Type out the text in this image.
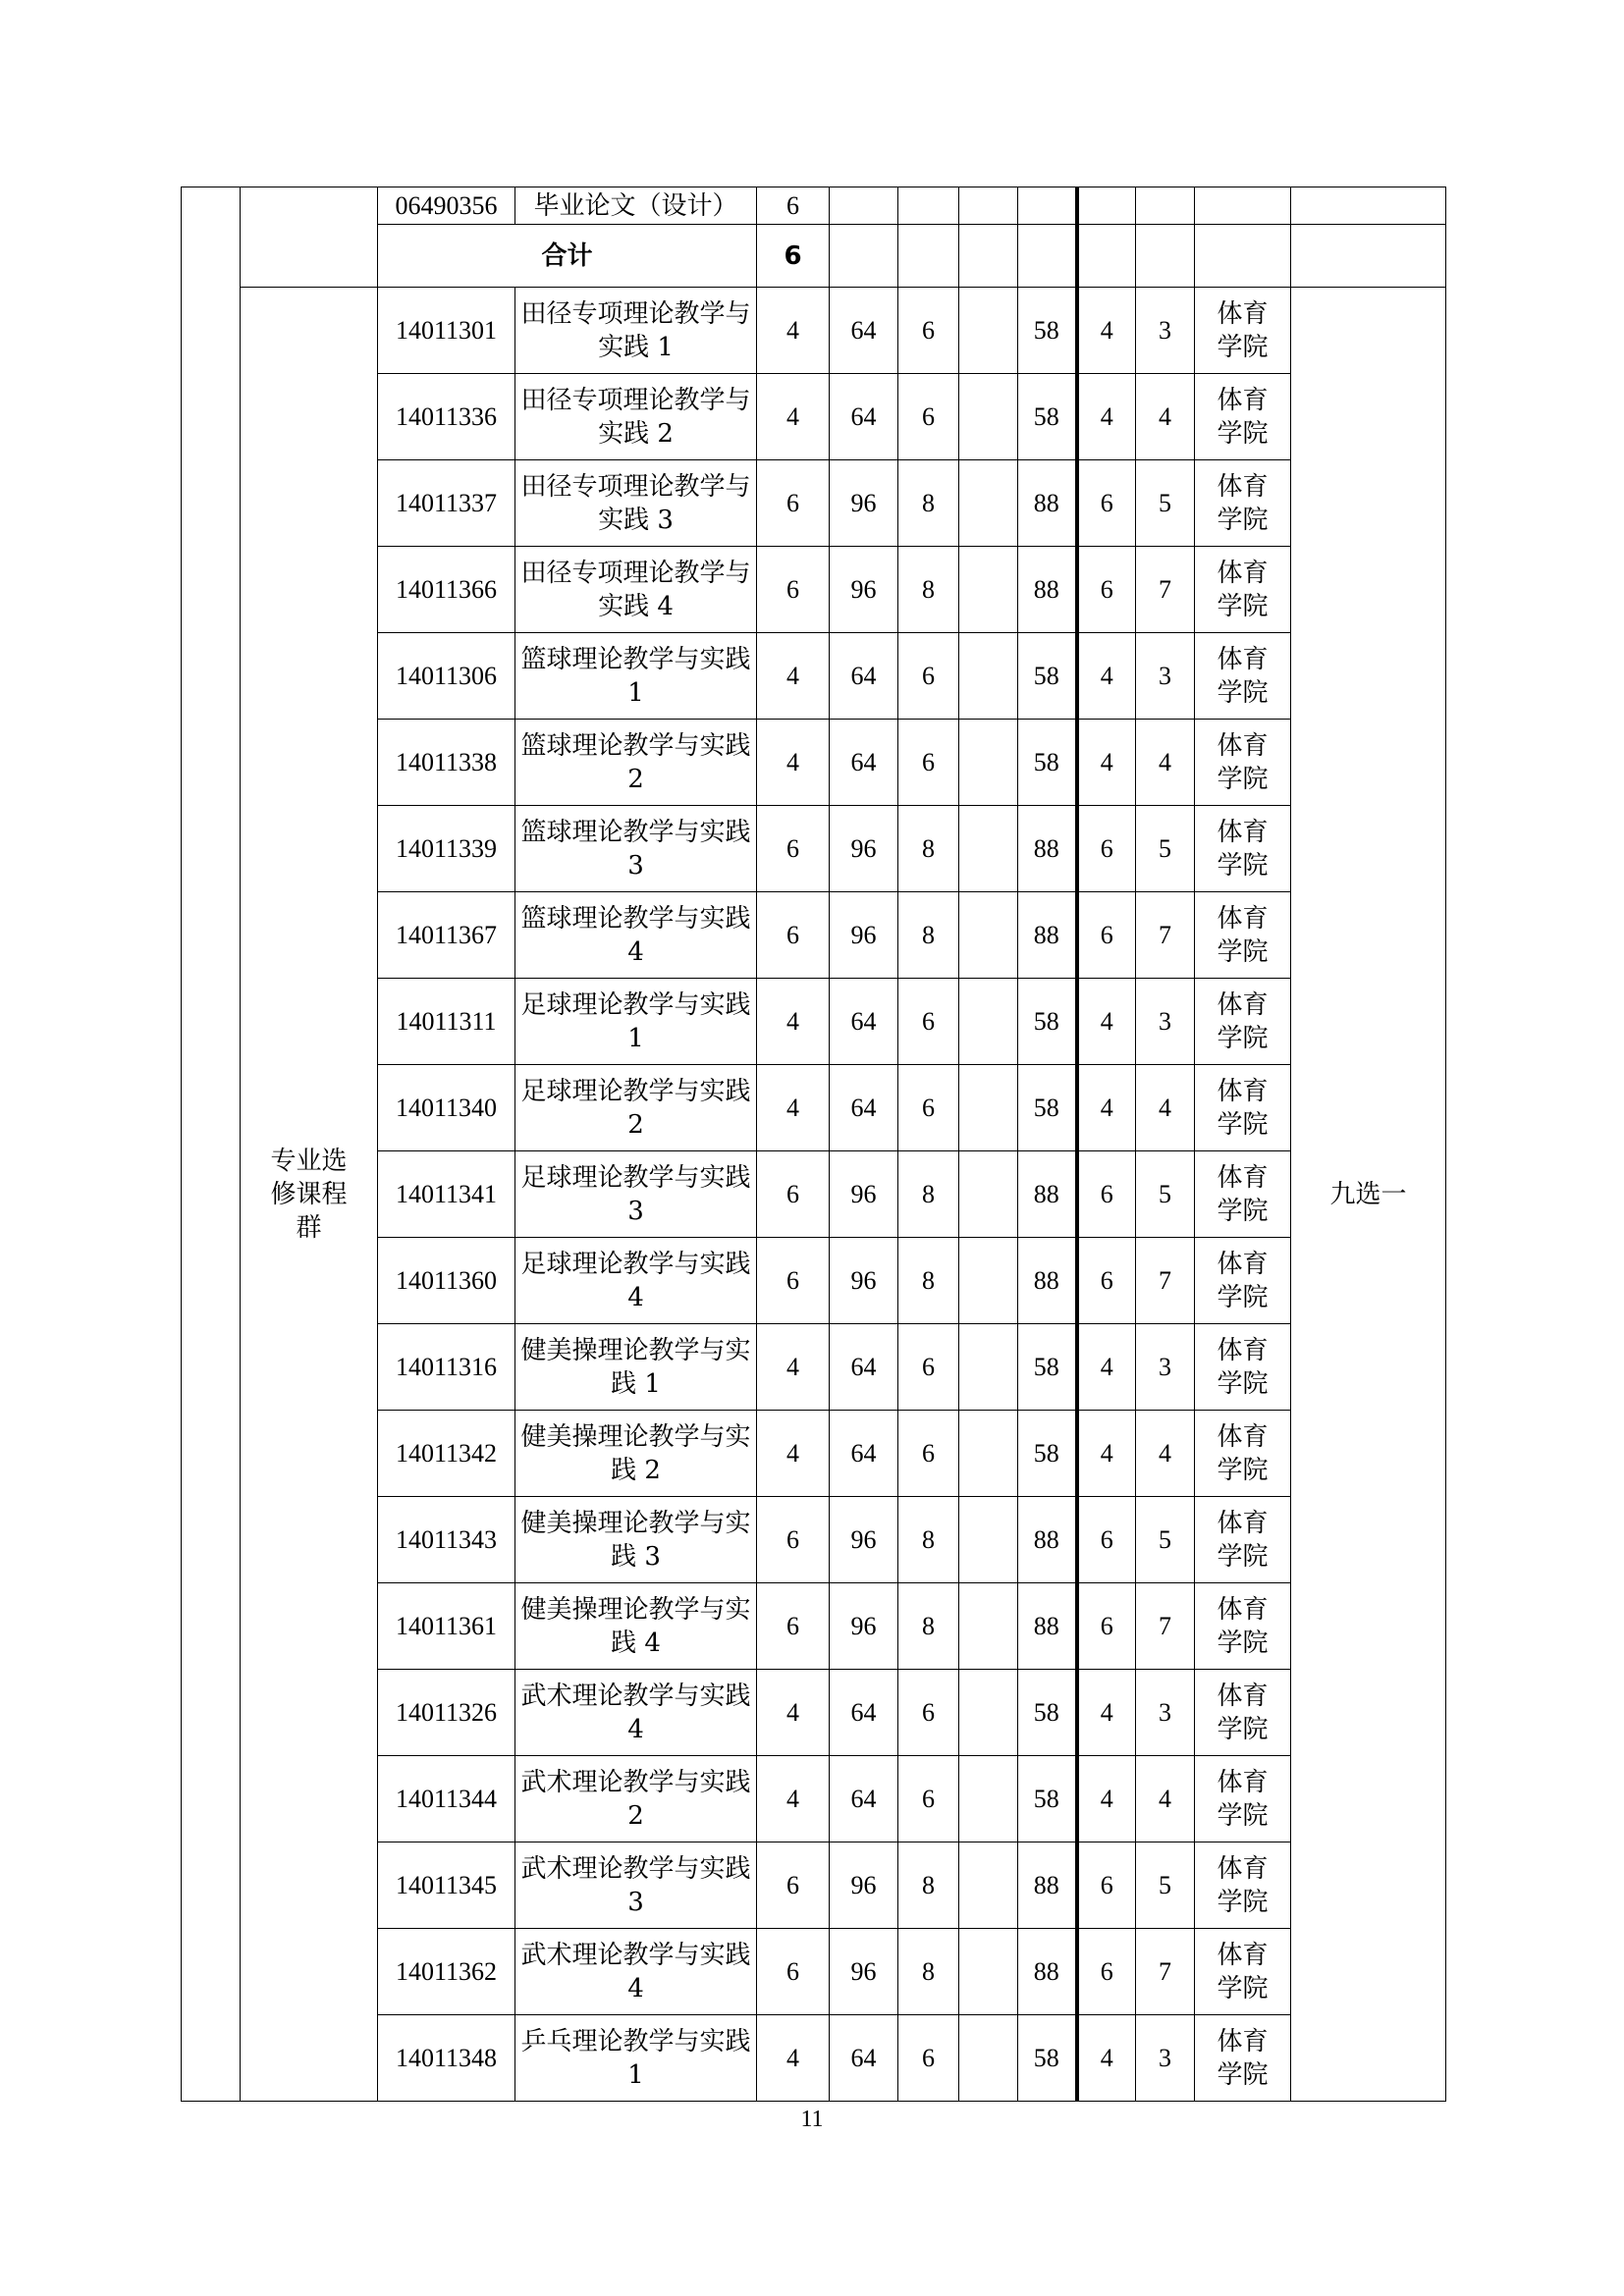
		06490356	毕业论文（设计）	6								
		合计		6								
	专业选修课程群	14011301	田径专项理论教学与实践 1	4	64	6		58	4	3	体育学院	九选一
		14011336	田径专项理论教学与实践 2	4	64	6		58	4	4	体育学院	
		14011337	田径专项理论教学与实践 3	6	96	8		88	6	5	体育学院	
		14011366	田径专项理论教学与实践 4	6	96	8		88	6	7	体育学院	
		14011306	篮球理论教学与实践 1	4	64	6		58	4	3	体育学院	
		14011338	篮球理论教学与实践 2	4	64	6		58	4	4	体育学院	
		14011339	篮球理论教学与实践 3	6	96	8		88	6	5	体育学院	
		14011367	篮球理论教学与实践 4	6	96	8		88	6	7	体育学院	
		14011311	足球理论教学与实践 1	4	64	6		58	4	3	体育学院	
		14011340	足球理论教学与实践 2	4	64	6		58	4	4	体育学院	
		14011341	足球理论教学与实践 3	6	96	8		88	6	5	体育学院	
		14011360	足球理论教学与实践 4	6	96	8		88	6	7	体育学院	
		14011316	健美操理论教学与实践 1	4	64	6		58	4	3	体育学院	
		14011342	健美操理论教学与实践 2	4	64	6		58	4	4	体育学院	
		14011343	健美操理论教学与实践 3	6	96	8		88	6	5	体育学院	
		14011361	健美操理论教学与实践 4	6	96	8		88	6	7	体育学院	
		14011326	武术理论教学与实践 4	4	64	6		58	4	3	体育学院	
		14011344	武术理论教学与实践 2	4	64	6		58	4	4	体育学院	
		14011345	武术理论教学与实践 3	6	96	8		88	6	5	体育学院	
		14011362	武术理论教学与实践 4	6	96	8		88	6	7	体育学院	
		14011348	乒乓理论教学与实践 1	4	64	6		58	4	3	体育学院	
11
